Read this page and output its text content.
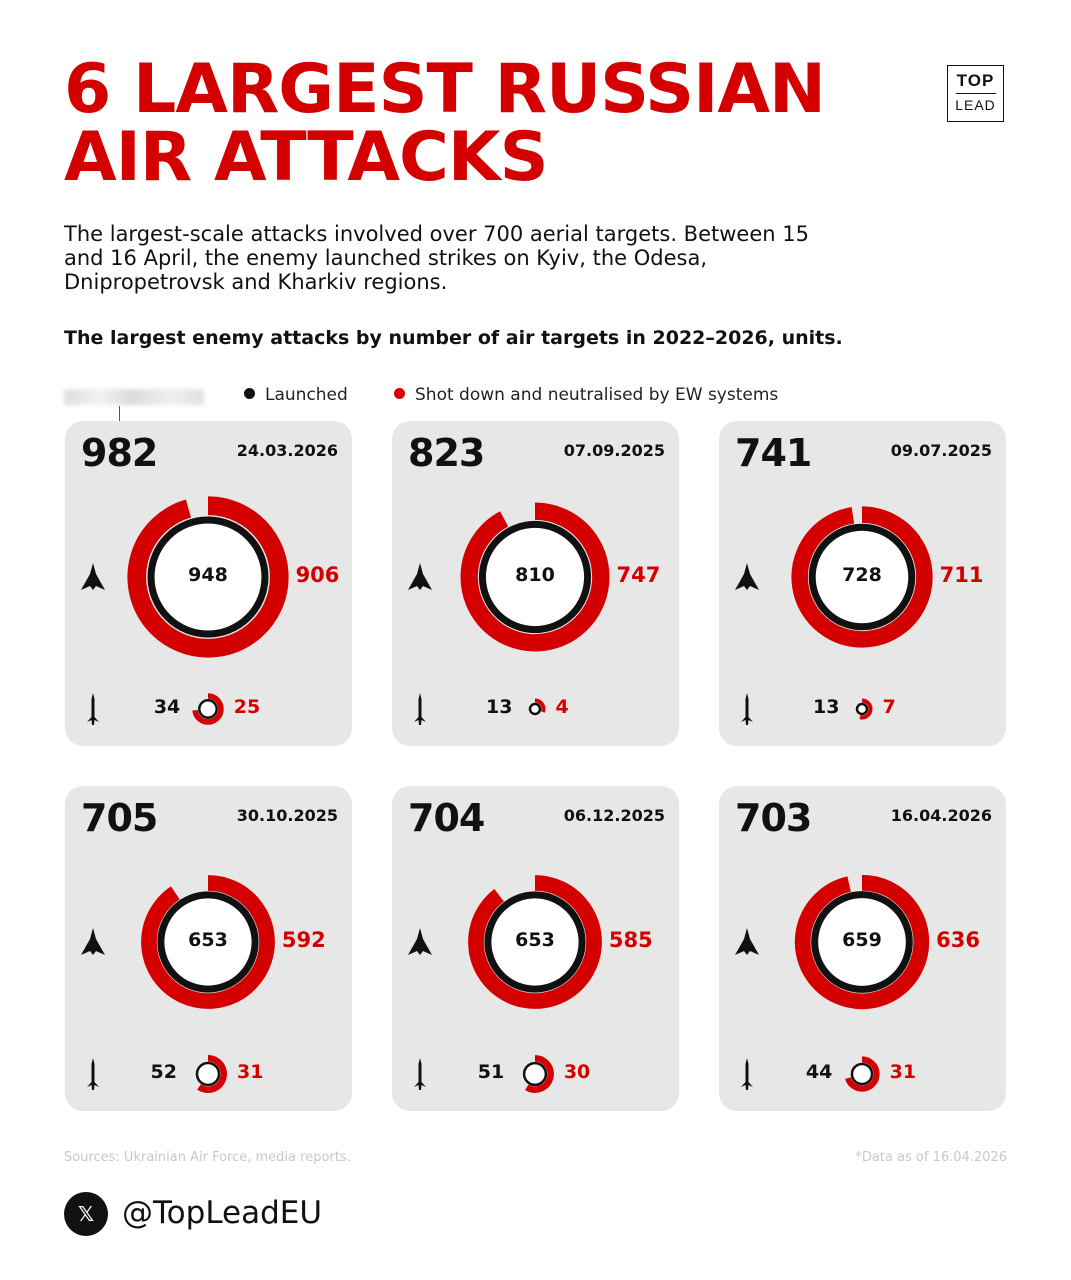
6 LARGEST RUSSIAN
AIR ATTACKS
TOP
LEAD
The largest-scale attacks involved over 700 aerial targets. Between 15 and 16 April, the enemy launched strikes on Kyiv, the Odesa, Dnipropetrovsk and Kharkiv regions.
The largest enemy attacks by number of air targets in 2022–2026, units.
Launched	Shot down and neutralised by EW systems
982	24.03.2026
948	906
34	25
823	07.09.2025
810	747
13 4
741	09.07.2025
728	711
13 7
705	30.10.2025
653	592
52	31
704	06.12.2025
653	585
51	30
703	16.04.2026
659	636
44	31
Sources: Ukrainian Air Force, media reports.	*Data as of 16.04.2026
𝕏 @TopLeadEU
